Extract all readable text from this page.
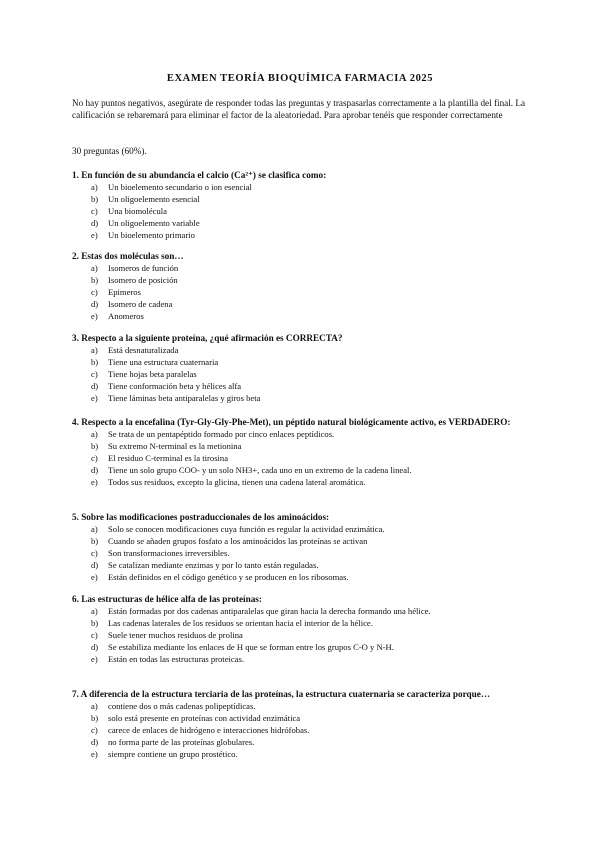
EXAMEN TEORÍA BIOQUÍMICA FARMACIA 2025
No hay puntos negativos, asegúrate de responder todas las preguntas y traspasarlas correctamente a la plantilla del final. La calificación se rebaremará para eliminar el factor de la aleatoriedad. Para aprobar tenéis que responder correctamente
30 preguntas (60%).
1. En función de su abundancia el calcio (Ca²⁺) se clasifica como:
a) Un bioelemento secundario o ion esencial
b) Un oligoelemento esencial
c) Una biomolécula
d) Un oligoelemento variable
e) Un bioelemento primario
2. Estas dos moléculas son…
a) Isomeros de función
b) Isomero de posición
c) Epimeros
d) Isomero de cadena
e) Anomeros
3. Respecto a la siguiente proteína, ¿qué afirmación es CORRECTA?
a) Está desnaturalizada
b) Tiene una estructura cuaternaria
c) Tiene hojas beta paralelas
d) Tiene conformación beta y hélices alfa
e) Tiene láminas beta antiparalelas y giros beta
4. Respecto a la encefalina (Tyr-Gly-Gly-Phe-Met), un péptido natural biológicamente activo, es VERDADERO:
a) Se trata de un pentapéptido formado por cinco enlaces peptídicos.
b) Su extremo N-terminal es la metionina
c) El residuo C-terminal es la tirosina
d) Tiene un solo grupo COO- y un solo NH3+, cada uno en un extremo de la cadena lineal.
e) Todos sus residuos, excepto la glicina, tienen una cadena lateral aromática.
5. Sobre las modificaciones postraduccionales de los aminoácidos:
a) Solo se conocen modificaciones cuya función es regular la actividad enzimática.
b) Cuando se añaden grupos fosfato a los aminoácidos las proteínas se activan
c) Son transformaciones irreversibles.
d) Se catalizan mediante enzimas y por lo tanto están reguladas.
e) Están definidos en el código genético y se producen en los ribosomas.
6. Las estructuras de hélice alfa de las proteínas:
a) Están formadas por dos cadenas antiparalelas que giran hacia la derecha formando una hélice.
b) Las cadenas laterales de los residuos se orientan hacia el interior de la hélice.
c) Suele tener muchos residuos de prolina
d) Se estabiliza mediante los enlaces de H que se forman entre los grupos C-O y N-H.
e) Están en todas las estructuras proteicas.
7. A diferencia de la estructura terciaria de las proteínas, la estructura cuaternaria se caracteriza porque…
a) contiene dos o más cadenas polipeptídicas.
b) solo está presente en proteínas con actividad enzimática
c) carece de enlaces de hidrógeno e interacciones hidrófobas.
d) no forma parte de las proteínas globulares.
e) siempre contiene un grupo prostético.
